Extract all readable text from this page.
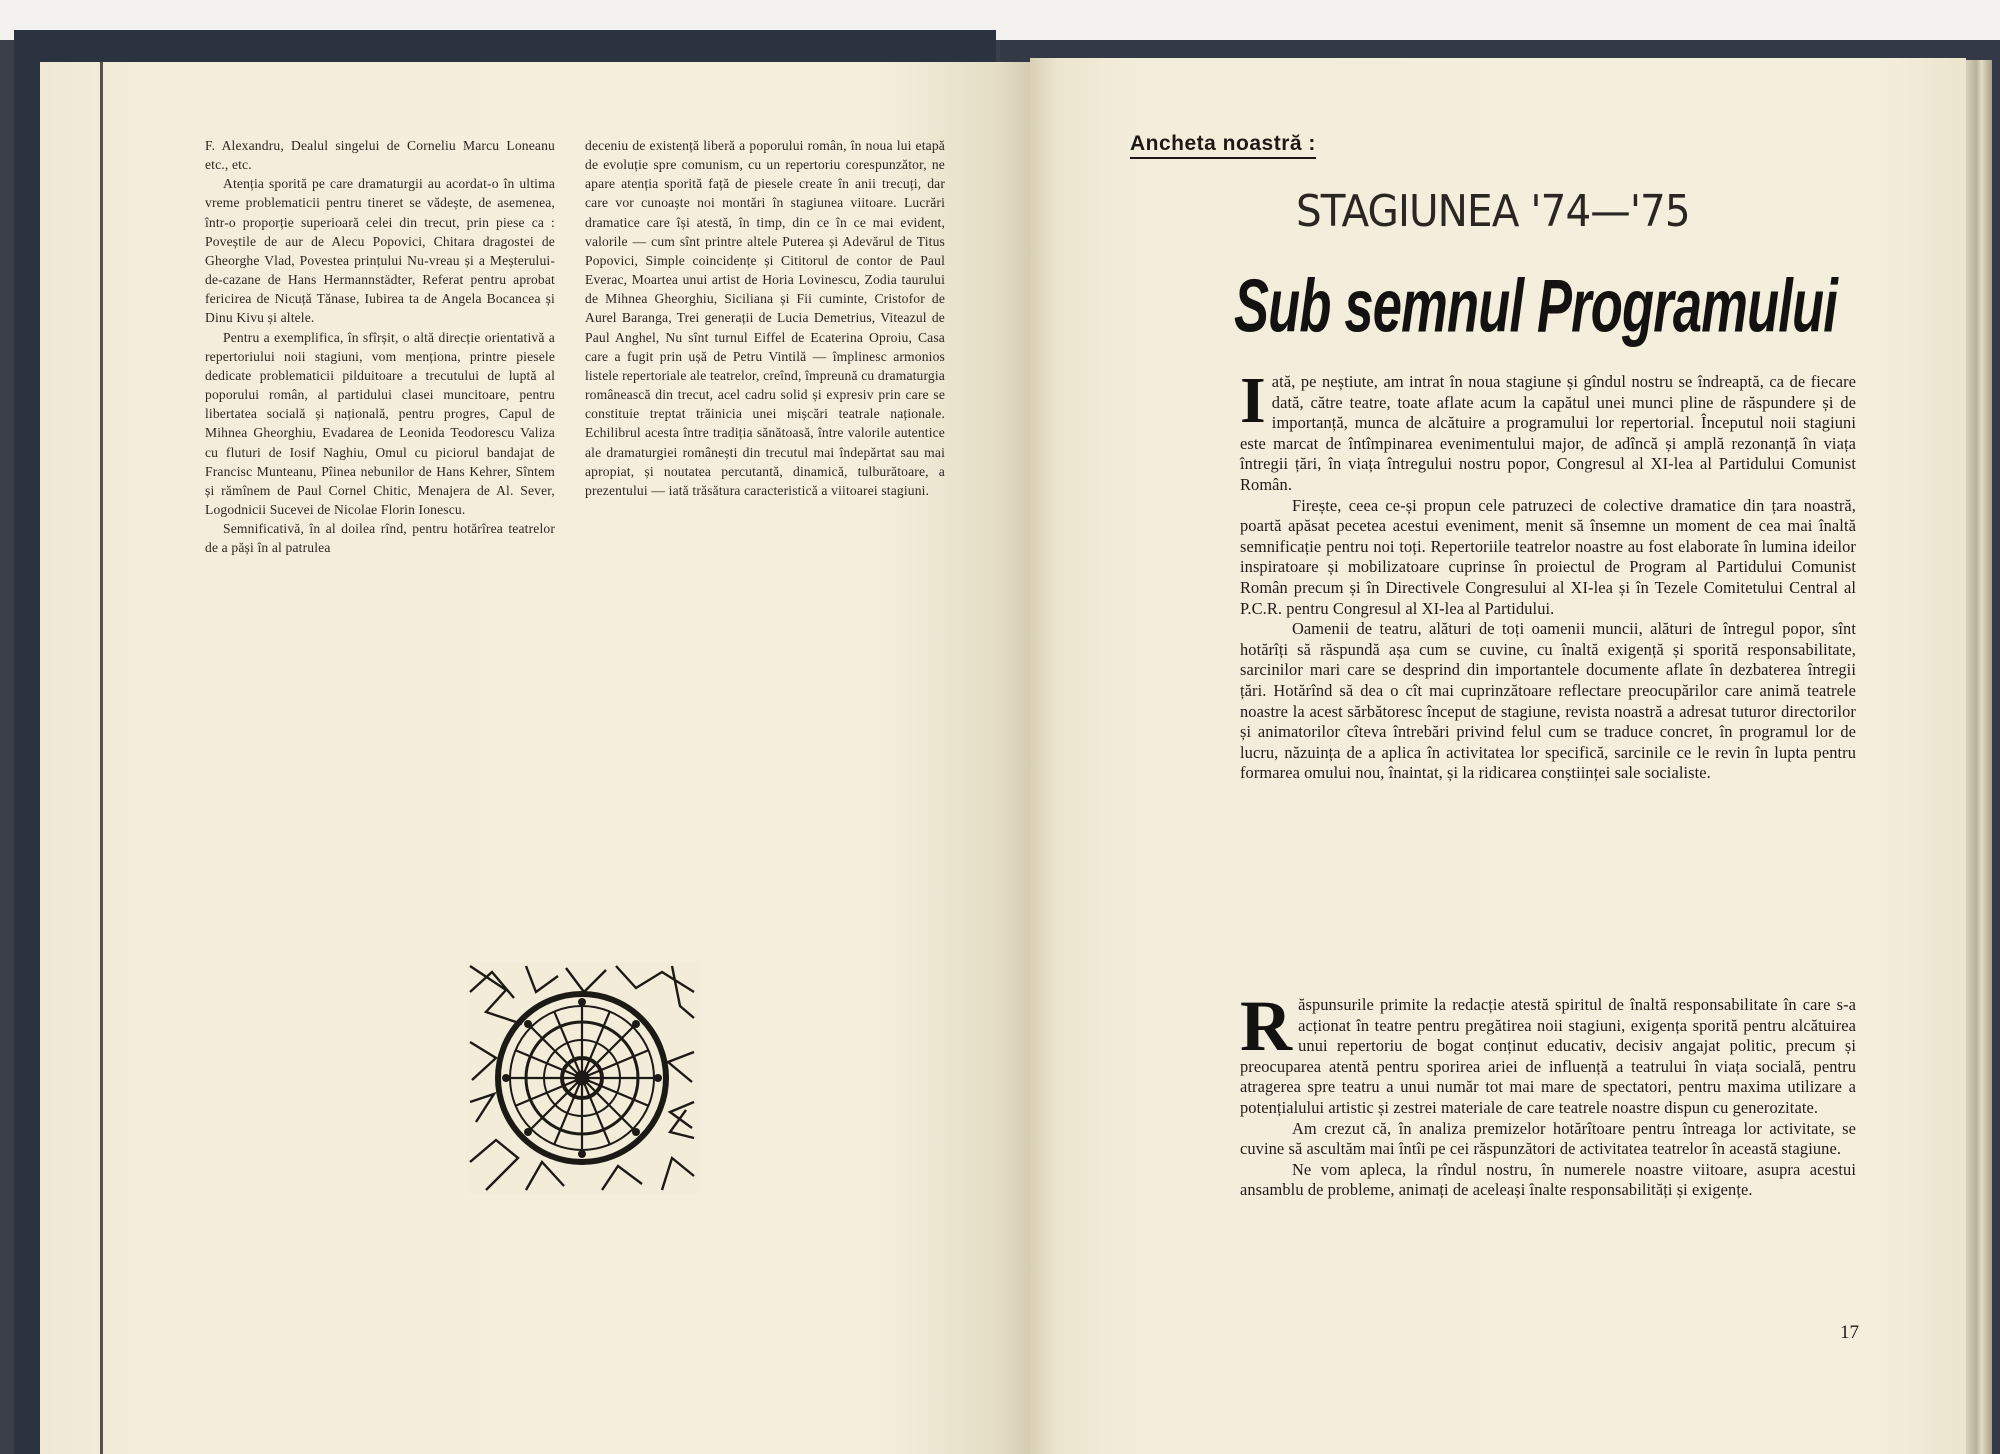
F. Alexandru, Dealul singelui de Corneliu Marcu Loneanu etc., etc.

Atenția sporită pe care dramaturgii au acordat-o în ultima vreme problematicii pentru tineret se vădește, de asemenea, într-o proporție superioară celei din trecut, prin piese ca : Poveștile de aur de Alecu Popovici, Chitara dragostei de Gheorghe Vlad, Povestea prințului Nu-vreau și a Meșterului-de-cazane de Hans Hermannstädter, Referat pentru aprobat fericirea de Nicuță Tănase, Iubirea ta de Angela Bocancea și Dinu Kivu și altele.

Pentru a exemplifica, în sfîrșit, o altă direcție orientativă a repertoriului noii stagiuni, vom menționa, printre piesele dedicate problematicii pilduitoare a trecutului de luptă al poporului român, al partidului clasei muncitoare, pentru libertatea socială și națională, pentru progres, Capul de Mihnea Gheorghiu, Evadarea de Leonida Teodorescu Valiza cu fluturi de Iosif Naghiu, Omul cu piciorul bandajat de Francisc Munteanu, Pîinea nebunilor de Hans Kehrer, Sîntem și rămînem de Paul Cornel Chitic, Menajera de Al. Sever, Logodnicii Sucevei de Nicolae Florin Ionescu.

Semnificativă, în al doilea rînd, pentru hotărîrea teatrelor de a păși în al patrulea

deceniu de existență liberă a poporului român, în noua lui etapă de evoluție spre comunism, cu un repertoriu corespunzător, ne apare atenția sporită față de piesele create în anii trecuți, dar care vor cunoaște noi montări în stagiunea viitoare. Lucrări dramatice care își atestă, în timp, din ce în ce mai evident, valorile — cum sînt printre altele Puterea și Adevărul de Titus Popovici, Simple coincidențe și Cititorul de contor de Paul Everac, Moartea unui artist de Horia Lovinescu, Zodia taurului de Mihnea Gheorghiu, Siciliana și Fii cuminte, Cristofor de Aurel Baranga, Trei generații de Lucia Demetrius, Viteazul de Paul Anghel, Nu sînt turnul Eiffel de Ecaterina Oproiu, Casa care a fugit prin ușă de Petru Vintilă — împlinesc armonios listele repertoriale ale teatrelor, creînd, împreună cu dramaturgia românească din trecut, acel cadru solid și expresiv prin care se constituie treptat trăinicia unei mișcări teatrale naționale. Echilibrul acesta între tradiția sănătoasă, între valorile autentice ale dramaturgiei românești din trecutul mai îndepărtat sau mai apropiat, și noutatea percutantă, dinamică, tulburătoare, a prezentului — iată trăsătura caracteristică a viitoarei stagiuni.

Ancheta noastră :
STAGIUNEA '74—'75
Sub semnul Programului

Iată, pe neștiute, am intrat în noua stagiune și gîndul nostru se îndreaptă, ca de fiecare dată, către teatre, toate aflate acum la capătul unei munci pline de răspundere și de importanță, munca de alcătuire a programului lor repertorial. Începutul noii stagiuni este marcat de întîmpinarea evenimentului major, de adîncă și amplă rezonanță în viața întregii țări, în viața întregului nostru popor, Congresul al XI-lea al Partidului Comunist Român.

Firește, ceea ce-și propun cele patruzeci de colective dramatice din țara noastră, poartă apăsat pecetea acestui eveniment, menit să însemne un moment de cea mai înaltă semnificație pentru noi toți. Repertoriile teatrelor noastre au fost elaborate în lumina ideilor inspiratoare și mobilizatoare cuprinse în proiectul de Program al Partidului Comunist Român precum și în Directivele Congresului al XI-lea și în Tezele Comitetului Central al P.C.R. pentru Congresul al XI-lea al Partidului.

Oamenii de teatru, alături de toți oamenii muncii, alături de întregul popor, sînt hotărîți să răspundă așa cum se cuvine, cu înaltă exigență și sporită responsabilitate, sarcinilor mari care se desprind din importantele documente aflate în dezbaterea întregii țări. Hotărînd să dea o cît mai cuprinzătoare reflectare preocupărilor care animă teatrele noastre la acest sărbătoresc început de stagiune, revista noastră a adresat tuturor directorilor și animatorilor cîteva întrebări privind felul cum se traduce concret, în programul lor de lucru, năzuința de a aplica în activitatea lor specifică, sarcinile ce le revin în lupta pentru formarea omului nou, înaintat, și la ridicarea conștiinței sale socialiste.

Răspunsurile primite la redacție atestă spiritul de înaltă responsabilitate în care s-a acționat în teatre pentru pregătirea noii stagiuni, exigența sporită pentru alcătuirea unui repertoriu de bogat conținut educativ, decisiv angajat politic, precum și preocuparea atentă pentru sporirea ariei de influență a teatrului în viața socială, pentru atragerea spre teatru a unui număr tot mai mare de spectatori, pentru maxima utilizare a potențialului artistic și zestrei materiale de care teatrele noastre dispun cu generozitate.

Am crezut că, în analiza premizelor hotărîtoare pentru întreaga lor activitate, se cuvine să ascultăm mai întîi pe cei răspunzători de activitatea teatrelor în această stagiune.

Ne vom apleca, la rîndul nostru, în numerele noastre viitoare, asupra acestui ansamblu de probleme, animați de aceleași înalte responsabilități și exigențe.

17
